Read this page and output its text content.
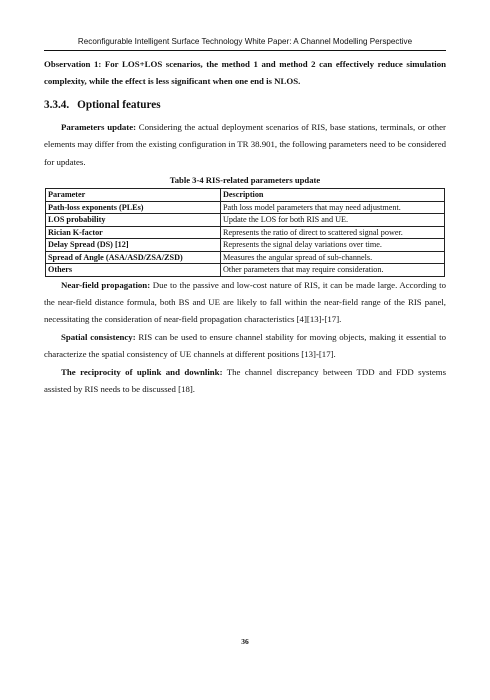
Reconfigurable Intelligent Surface Technology White Paper: A Channel Modelling Perspective

Observation 1: For LOS+LOS scenarios, the method 1 and method 2 can effectively reduce simulation complexity, while the effect is less significant when one end is NLOS.

3.3.4. Optional features

Parameters update: Considering the actual deployment scenarios of RIS, base stations, terminals, or other elements may differ from the existing configuration in TR 38.901, the following parameters need to be considered for updates.

Table 3-4 RIS-related parameters update
Parameter	Description
Path-loss exponents (PLEs)	Path loss model parameters that may need adjustment.
LOS probability	Update the LOS for both RIS and UE.
Rician K-factor	Represents the ratio of direct to scattered signal power.
Delay Spread (DS) [12]	Represents the signal delay variations over time.
Spread of Angle (ASA/ASD/ZSA/ZSD)	Measures the angular spread of sub-channels.
Others	Other parameters that may require consideration.

Near-field propagation: Due to the passive and low-cost nature of RIS, it can be made large. According to the near-field distance formula, both BS and UE are likely to fall within the near-field range of the RIS panel, necessitating the consideration of near-field propagation characteristics [4][13]-[17].

Spatial consistency: RIS can be used to ensure channel stability for moving objects, making it essential to characterize the spatial consistency of UE channels at different positions [13]-[17].

The reciprocity of uplink and downlink: The channel discrepancy between TDD and FDD systems assisted by RIS needs to be discussed [18].

36
